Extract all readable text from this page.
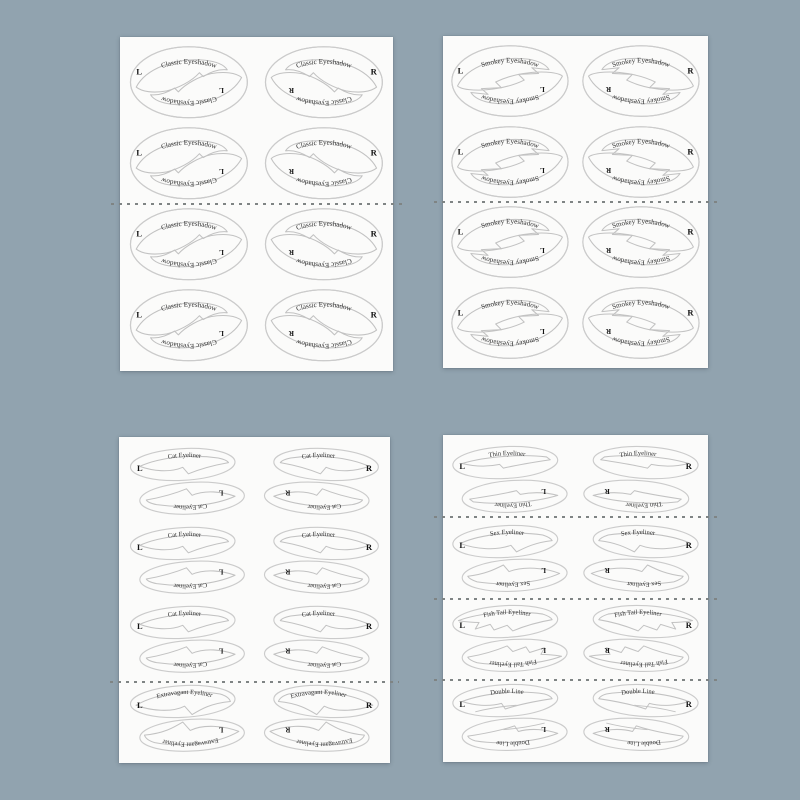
Classic Eyeshadow
Classic Eyeshadow
L
L
Classic Eyeshadow
Classic Eyeshadow
R
R
Classic Eyeshadow
Classic Eyeshadow
L
L
Classic Eyeshadow
Classic Eyeshadow
R
R
Classic Eyeshadow
Classic Eyeshadow
L
L
Classic Eyeshadow
Classic Eyeshadow
R
R
Classic Eyeshadow
Classic Eyeshadow
L
L
Classic Eyeshadow
Classic Eyeshadow
R
R
Smokey Eyeshadow
Smokey Eyeshadow
L
L
Smokey Eyeshadow
Smokey Eyeshadow
R
R
Smokey Eyeshadow
Smokey Eyeshadow
L
L
Smokey Eyeshadow
Smokey Eyeshadow
R
R
Smokey Eyeshadow
Smokey Eyeshadow
L
L
Smokey Eyeshadow
Smokey Eyeshadow
R
R
Smokey Eyeshadow
Smokey Eyeshadow
L
L
Smokey Eyeshadow
Smokey Eyeshadow
R
R
Cat Eyeliner
Cat Eyeliner
L
L
Cat Eyeliner
Cat Eyeliner
R
R
Cat Eyeliner
Cat Eyeliner
L
L
Cat Eyeliner
Cat Eyeliner
R
R
Cat Eyeliner
Cat Eyeliner
L
L
Cat Eyeliner
Cat Eyeliner
R
R
Extravagant Eyeliner
Extravagant Eyeliner
L
L
Extravagant Eyeliner
Extravagant Eyeliner
R
R
Thin Eyeliner
Thin Eyeliner
L
L
Thin Eyeliner
Thin Eyeliner
R
R
Sex Eyeliner
Sex Eyeliner
L
L
Sex Eyeliner
Sex Eyeliner
R
R
Fish Tail Eyeliner
Fish Tail Eyeliner
L
L
Fish Tail Eyeliner
Fish Tail Eyeliner
R
R
Double Line
Double Line
L
L
Double Line
Double Line
R
R
